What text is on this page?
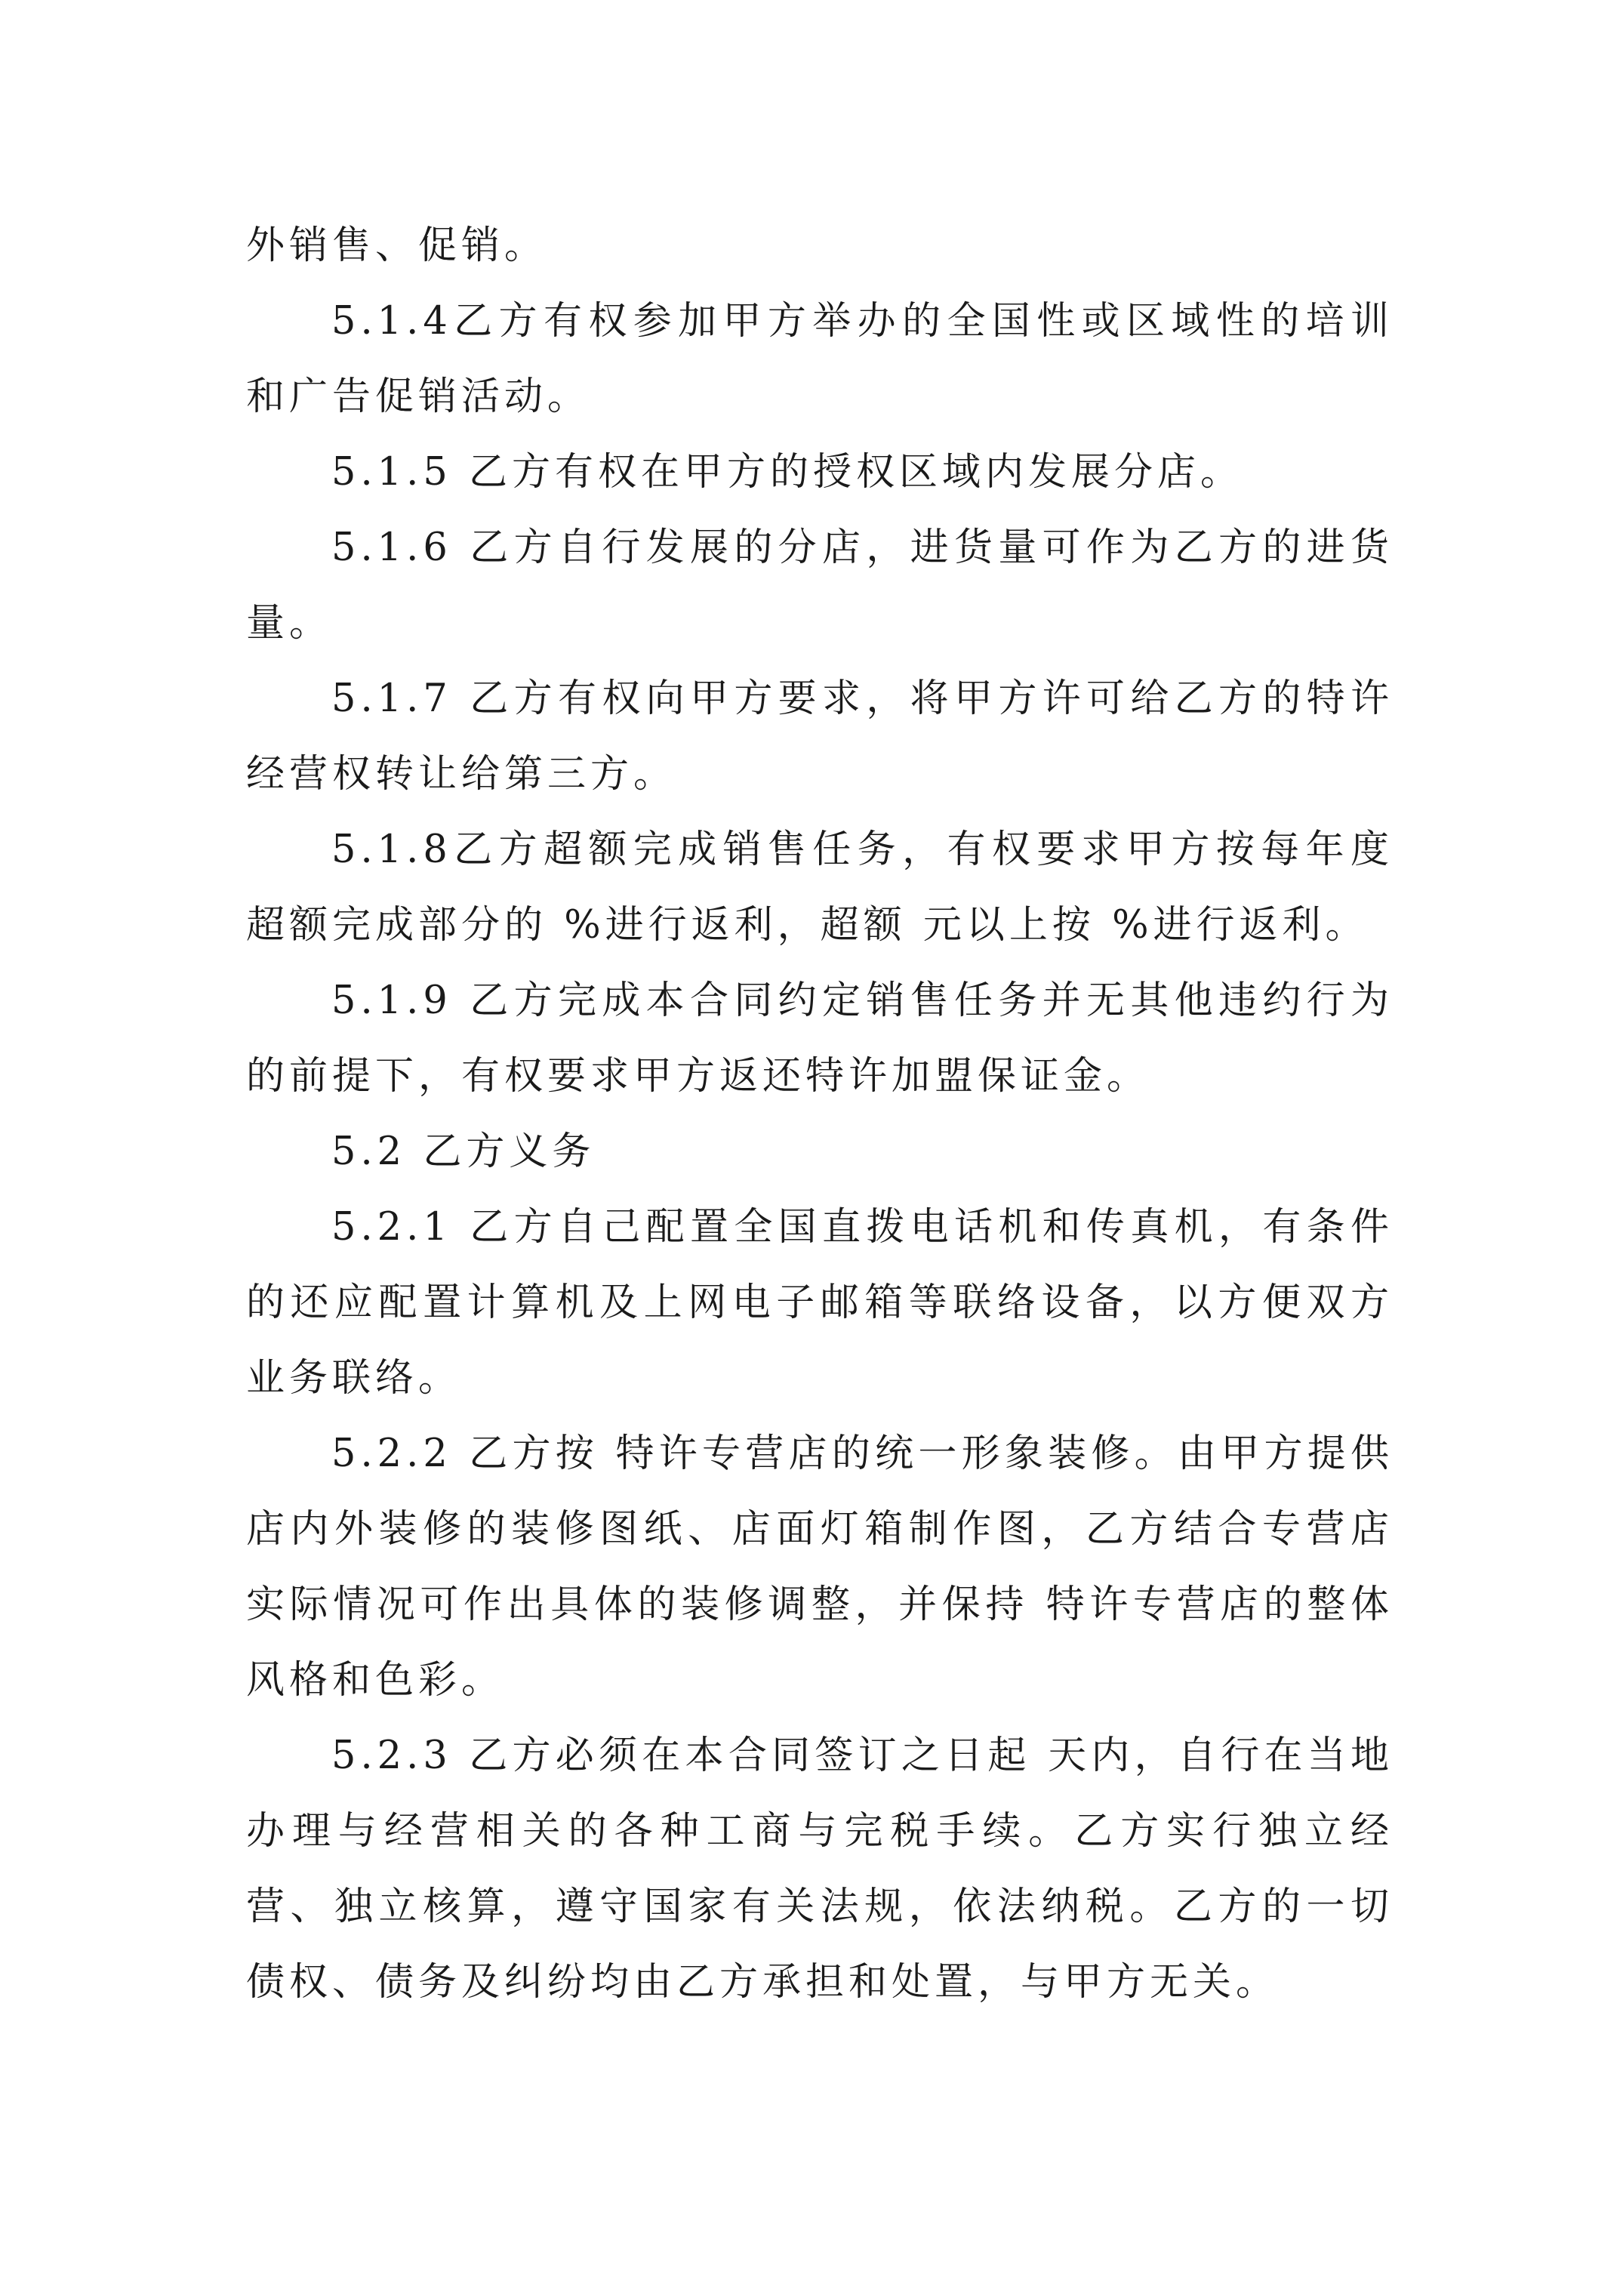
外销售、促销。

5.1.4乙方有权参加甲方举办的全国性或区域性的培训和广告促销活动。

5.1.5 乙方有权在甲方的授权区域内发展分店。

5.1.6 乙方自行发展的分店，进货量可作为乙方的进货量。

5.1.7 乙方有权向甲方要求，将甲方许可给乙方的特许经营权转让给第三方。

5.1.8乙方超额完成销售任务，有权要求甲方按每年度超额完成部分的 %进行返利，超额 元以上按 %进行返利。

5.1.9 乙方完成本合同约定销售任务并无其他违约行为的前提下，有权要求甲方返还特许加盟保证金。

5.2 乙方义务

5.2.1 乙方自己配置全国直拨电话机和传真机，有条件的还应配置计算机及上网电子邮箱等联络设备，以方便双方业务联络。

5.2.2 乙方按 特许专营店的统一形象装修。由甲方提供店内外装修的装修图纸、店面灯箱制作图，乙方结合专营店实际情况可作出具体的装修调整，并保持 特许专营店的整体风格和色彩。

5.2.3 乙方必须在本合同签订之日起 天内，自行在当地办理与经营相关的各种工商与完税手续。乙方实行独立经营、独立核算，遵守国家有关法规，依法纳税。乙方的一切债权、债务及纠纷均由乙方承担和处置，与甲方无关。
